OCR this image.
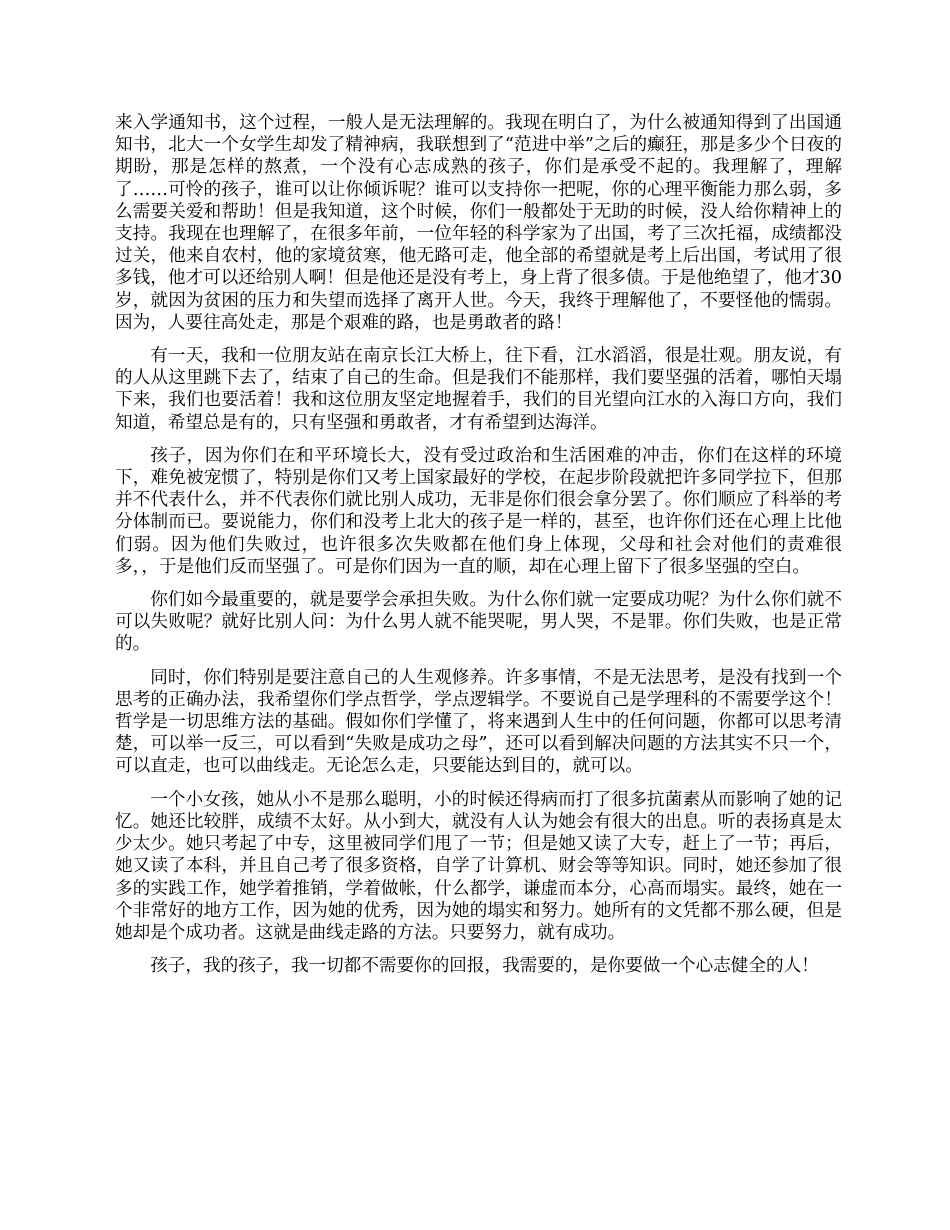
来入学通知书，这个过程，一般人是无法理解的。我现在明白了，为什么被通知得到了出国通知书，北大一个女学生却发了精神病，我联想到了“范进中举”之后的癫狂，那是多少个日夜的期盼，那是怎样的熬煮，一个没有心志成熟的孩子，你们是承受不起的。我理解了，理解了……可怜的孩子，谁可以让你倾诉呢？谁可以支持你一把呢，你的心理平衡能力那么弱，多么需要关爱和帮助！但是我知道，这个时候，你们一般都处于无助的时候，没人给你精神上的支持。我现在也理解了，在很多年前，一位年轻的科学家为了出国，考了三次托福，成绩都没过关，他来自农村，他的家境贫寒，他无路可走，他全部的希望就是考上后出国，考试用了很多钱，他才可以还给别人啊！但是他还是没有考上，身上背了很多债。于是他绝望了，他才30岁，就因为贫困的压力和失望而选择了离开人世。今天，我终于理解他了，不要怪他的懦弱。因为，人要往高处走，那是个艰难的路，也是勇敢者的路！

有一天，我和一位朋友站在南京长江大桥上，往下看，江水滔滔，很是壮观。朋友说，有的人从这里跳下去了，结束了自己的生命。但是我们不能那样，我们要坚强的活着，哪怕天塌下来，我们也要活着！我和这位朋友坚定地握着手，我们的目光望向江水的入海口方向，我们知道，希望总是有的，只有坚强和勇敢者，才有希望到达海洋。

孩子，因为你们在和平环境长大，没有受过政治和生活困难的冲击，你们在这样的环境下，难免被宠惯了，特别是你们又考上国家最好的学校，在起步阶段就把许多同学拉下，但那并不代表什么，并不代表你们就比别人成功，无非是你们很会拿分罢了。你们顺应了科举的考分体制而已。要说能力，你们和没考上北大的孩子是一样的，甚至，也许你们还在心理上比他们弱。因为他们失败过，也许很多次失败都在他们身上体现，父母和社会对他们的责难很多，，于是他们反而坚强了。可是你们因为一直的顺，却在心理上留下了很多坚强的空白。

你们如今最重要的，就是要学会承担失败。为什么你们就一定要成功呢？为什么你们就不可以失败呢？就好比别人问：为什么男人就不能哭呢，男人哭，不是罪。你们失败，也是正常的。

同时，你们特别是要注意自己的人生观修养。许多事情，不是无法思考，是没有找到一个思考的正确办法，我希望你们学点哲学，学点逻辑学。不要说自己是学理科的不需要学这个！哲学是一切思维方法的基础。假如你们学懂了，将来遇到人生中的任何问题，你都可以思考清楚，可以举一反三，可以看到“失败是成功之母”，还可以看到解决问题的方法其实不只一个，可以直走，也可以曲线走。无论怎么走，只要能达到目的，就可以。

一个小女孩，她从小不是那么聪明，小的时候还得病而打了很多抗菌素从而影响了她的记忆。她还比较胖，成绩不太好。从小到大，就没有人认为她会有很大的出息。听的表扬真是太少太少。她只考起了中专，这里被同学们甩了一节；但是她又读了大专，赶上了一节；再后，她又读了本科，并且自己考了很多资格，自学了计算机、财会等等知识。同时，她还参加了很多的实践工作，她学着推销，学着做帐，什么都学，谦虚而本分，心高而塌实。最终，她在一个非常好的地方工作，因为她的优秀，因为她的塌实和努力。她所有的文凭都不那么硬，但是她却是个成功者。这就是曲线走路的方法。只要努力，就有成功。

孩子，我的孩子，我一切都不需要你的回报，我需要的，是你要做一个心志健全的人！
